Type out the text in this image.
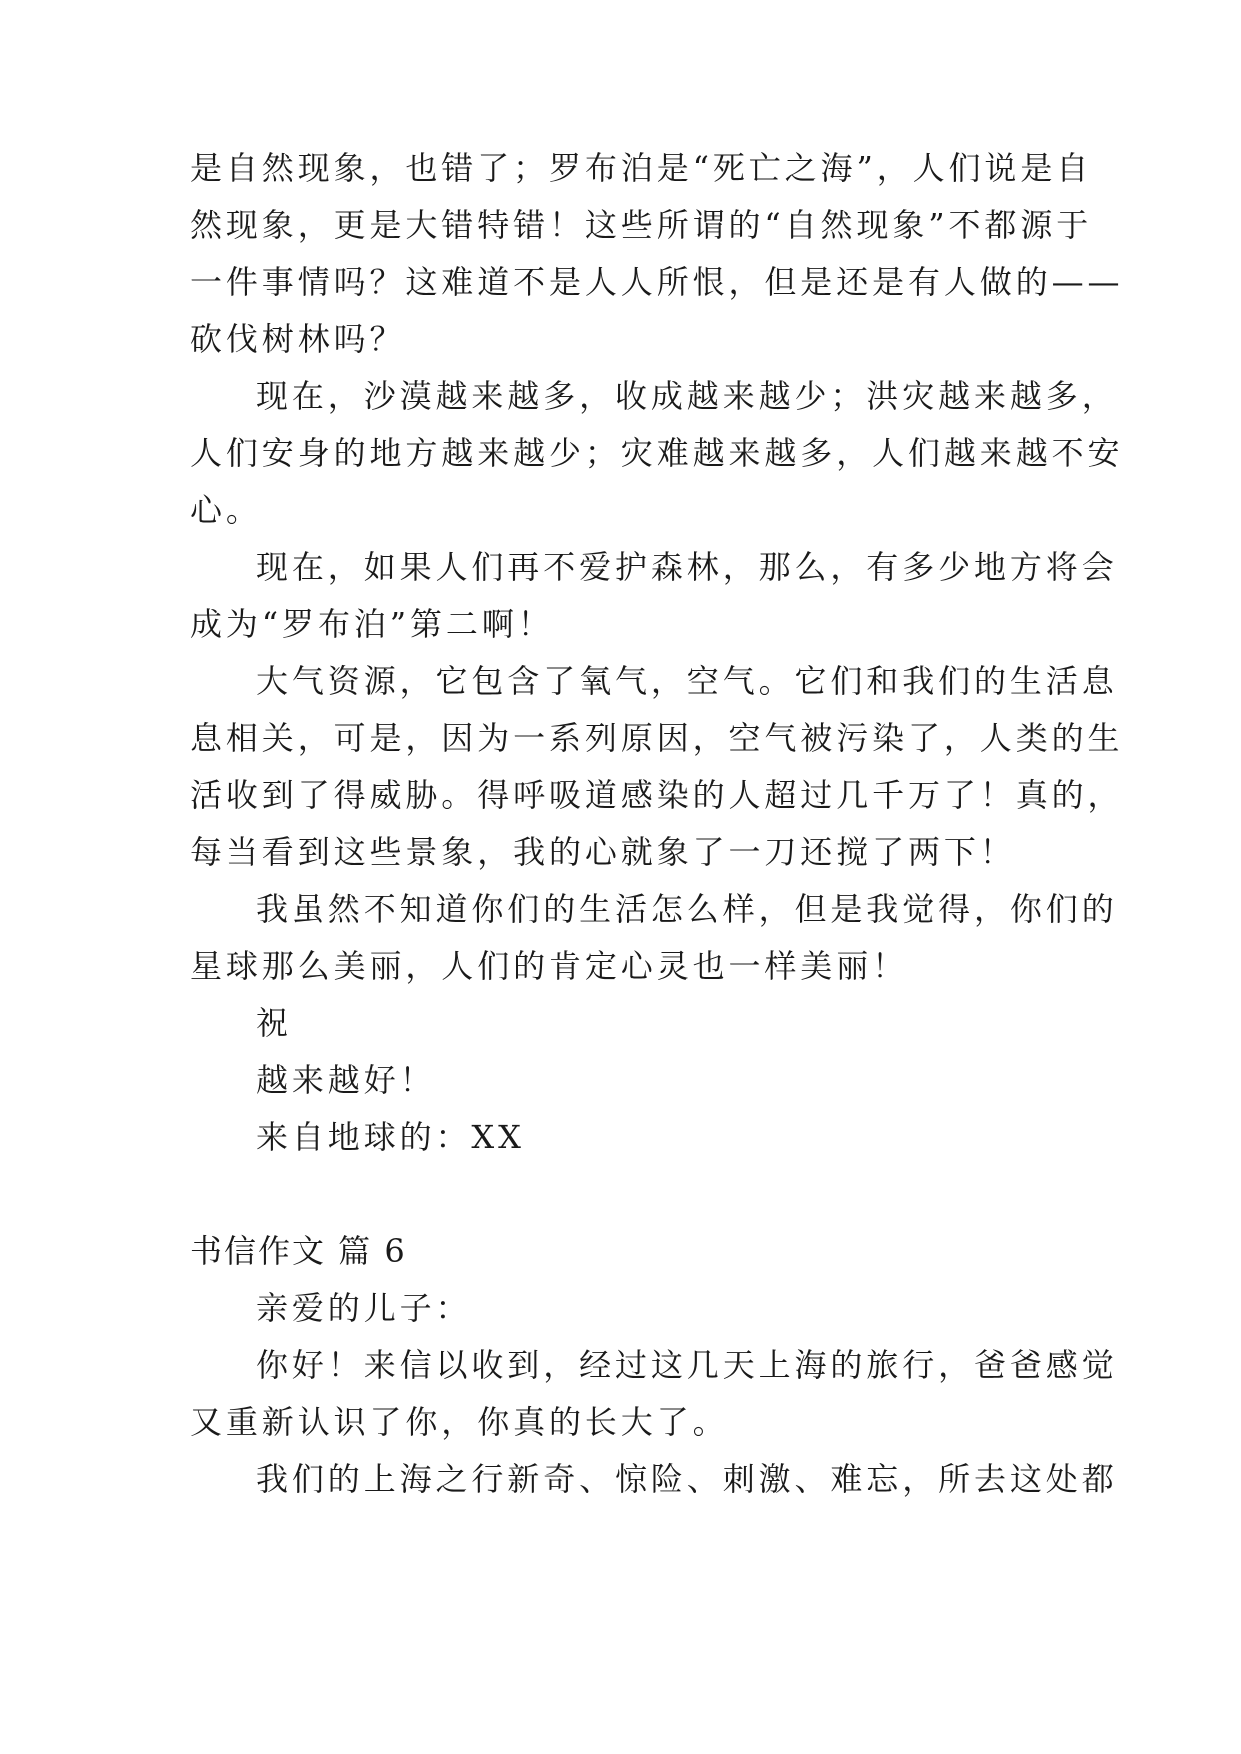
是自然现象，也错了；罗布泊是“死亡之海”，人们说是自
然现象，更是大错特错！这些所谓的“自然现象”不都源于
一件事情吗？这难道不是人人所恨，但是还是有人做的——
砍伐树林吗？
现在，沙漠越来越多，收成越来越少；洪灾越来越多，
人们安身的地方越来越少；灾难越来越多，人们越来越不安
心。
现在，如果人们再不爱护森林，那么，有多少地方将会
成为“罗布泊”第二啊！
大气资源，它包含了氧气，空气。它们和我们的生活息
息相关，可是，因为一系列原因，空气被污染了，人类的生
活收到了得威胁。得呼吸道感染的人超过几千万了！真的，
每当看到这些景象，我的心就象了一刀还搅了两下！
我虽然不知道你们的生活怎么样，但是我觉得，你们的
星球那么美丽，人们的肯定心灵也一样美丽！
祝
越来越好！
来自地球的：XX
书信作文 篇 6
亲爱的儿子：
你好！来信以收到，经过这几天上海的旅行，爸爸感觉
又重新认识了你，你真的长大了。
我们的上海之行新奇、惊险、刺激、难忘，所去这处都
